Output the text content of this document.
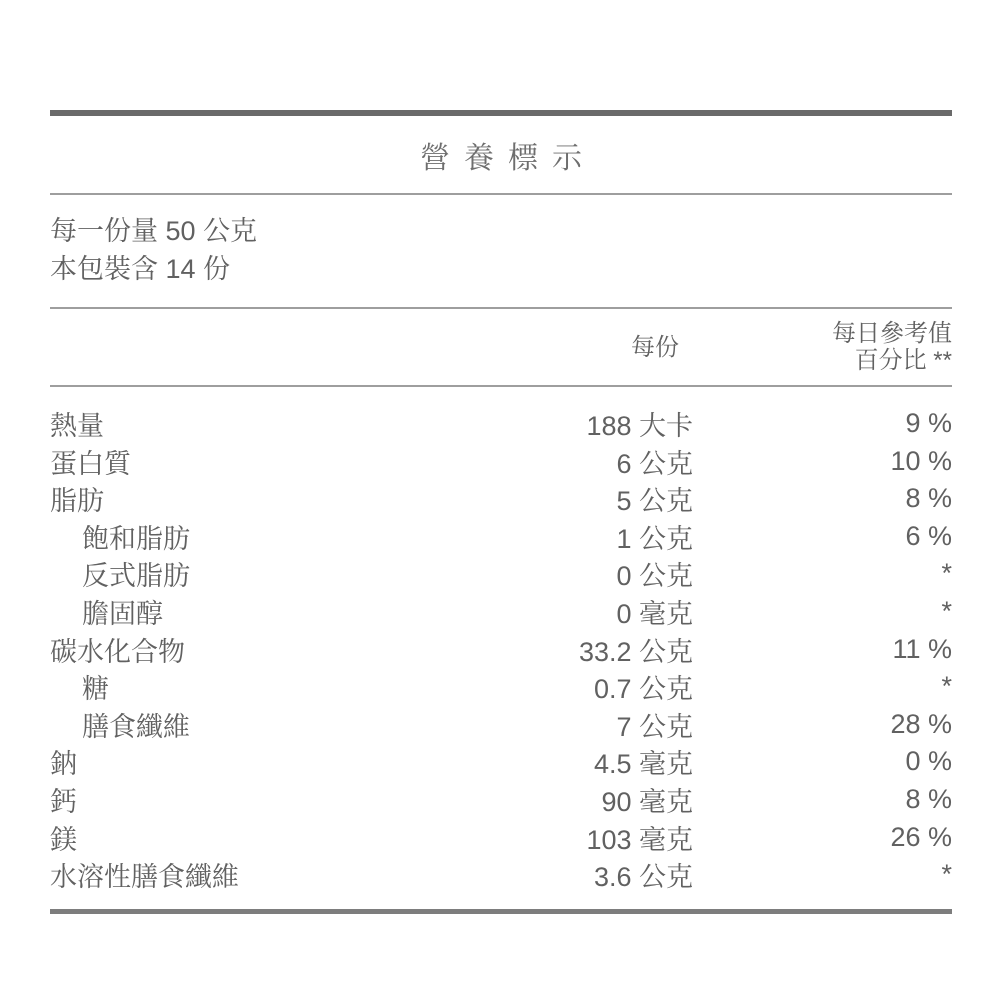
營養標示
每一份量 50 公克
本包裝含 14 份
每份	每日參考值
百分比 **
熱量	188 大卡	9 %
蛋白質	6 公克	10 %
脂肪	5 公克	8 %
飽和脂肪	1 公克	6 %
反式脂肪	0 公克	*
膽固醇	0 毫克	*
碳水化合物	33.2 公克	11 %
糖	0.7 公克	*
膳食纖維	7 公克	28 %
鈉	4.5 毫克	0 %
鈣	90 毫克	8 %
鎂	103 毫克	26 %
水溶性膳食纖維	3.6 公克	*
